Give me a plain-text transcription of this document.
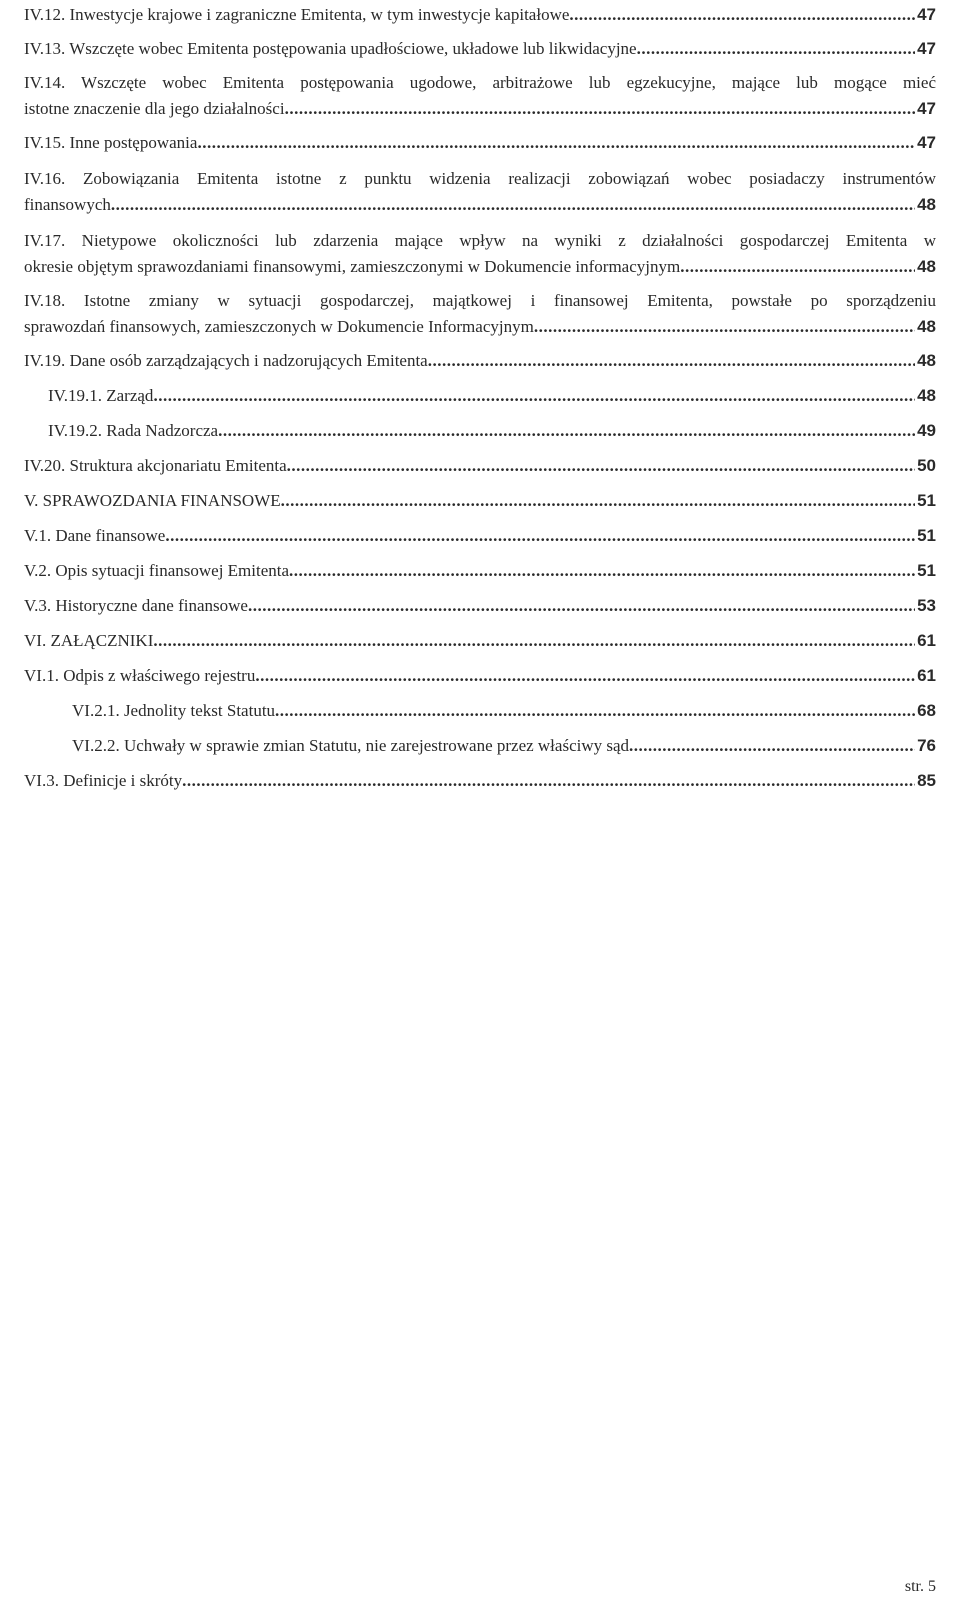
IV.12. Inwestycje krajowe i zagraniczne Emitenta, w tym inwestycje kapitałowe .....	47
IV.13. Wszczęte wobec Emitenta postępowania upadłościowe, układowe lub likwidacyjne .....	47
IV.14. Wszczęte wobec Emitenta postępowania ugodowe, arbitrażowe lub egzekucyjne, mające lub mogące mieć
istotne znaczenie dla jego działalności .....	47
IV.15. Inne postępowania .....	47
IV.16. Zobowiązania Emitenta istotne z punktu widzenia realizacji zobowiązań wobec posiadaczy instrumentów
finansowych .....	48
IV.17. Nietypowe okoliczności lub zdarzenia mające wpływ na wyniki z działalności gospodarczej Emitenta w
okresie objętym sprawozdaniami finansowymi, zamieszczonymi w Dokumencie informacyjnym .....	48
IV.18. Istotne zmiany w sytuacji gospodarczej, majątkowej i finansowej Emitenta, powstałe po sporządzeniu
sprawozdań finansowych, zamieszczonych w Dokumencie Informacyjnym .....	48
IV.19. Dane osób zarządzających i nadzorujących Emitenta .....	48
IV.19.1. Zarząd .....	48
IV.19.2. Rada Nadzorcza .....	49
IV.20. Struktura akcjonariatu Emitenta .....	50
V. SPRAWOZDANIA FINANSOWE .....	51
V.1. Dane finansowe .....	51
V.2. Opis sytuacji finansowej Emitenta .....	51
V.3. Historyczne dane finansowe .....	53
VI. ZAŁĄCZNIKI .....	61
VI.1. Odpis z właściwego rejestru .....	61
VI.2.1. Jednolity tekst Statutu .....	68
VI.2.2. Uchwały w sprawie zmian Statutu, nie zarejestrowane przez właściwy sąd .....	76
VI.3. Definicje i skróty .....	85
str. 5
